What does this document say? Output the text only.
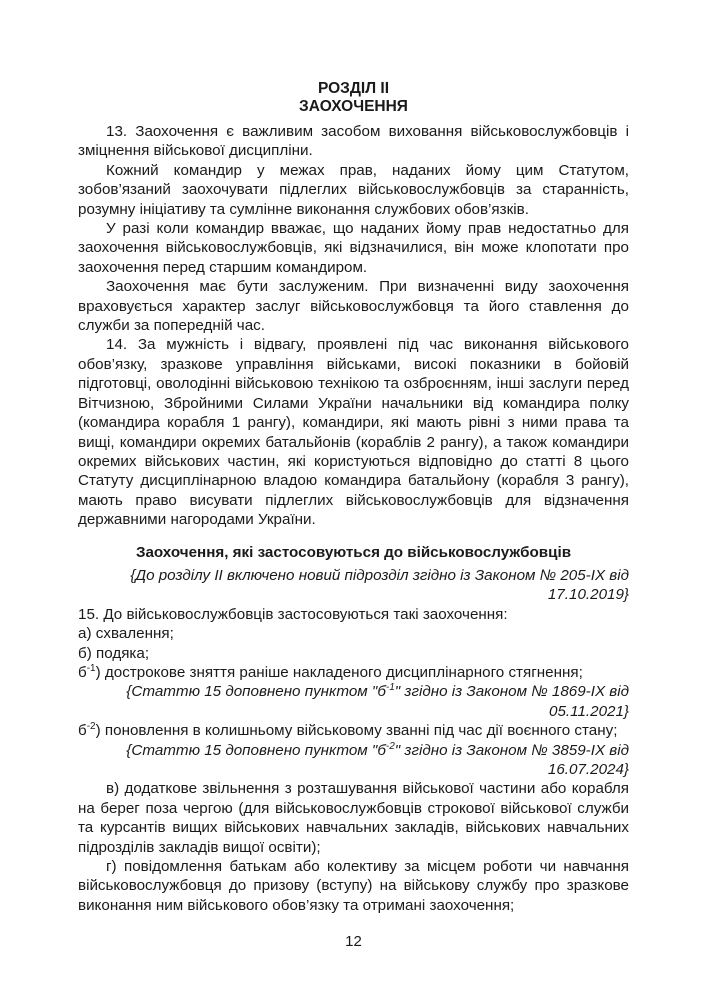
РОЗДІЛ ІІ

ЗАОХОЧЕННЯ

13. Заохочення є важливим засобом виховання військовослужбовців і зміцнення військової дисципліни.

Кожний командир у межах прав, наданих йому цим Статутом, зобов’язаний заохочувати підлеглих військовослужбовців за старанність, розумну ініціативу та сумлінне виконання службових обов’язків.

У разі коли командир вважає, що наданих йому прав недостатньо для заохочення військовослужбовців, які відзначилися, він може клопотати про заохочення перед старшим командиром.

Заохочення має бути заслуженим. При визначенні виду заохочення враховується характер заслуг військовослужбовця та його ставлення до служби за попередній час.

14. За мужність і відвагу, проявлені під час виконання військового обов’язку, зразкове управління військами, високі показники в бойовій підготовці, оволодінні військовою технікою та озброєнням, інші заслуги перед Вітчизною, Збройними Силами України начальники від командира полку (командира корабля 1 рангу), командири, які мають рівні з ними права та вищі, командири окремих батальйонів (кораблів 2 рангу), а також командири окремих військових частин, які користуються відповідно до статті 8 цього Статуту дисциплінарною владою командира батальйону (корабля 3 рангу), мають право висувати підлеглих військовослужбовців для відзначення державними нагородами України.

Заохочення, які застосовуються до військовослужбовців

{До розділу II включено новий підрозділ згідно із Законом № 205-IX від
17.10.2019}

15. До військовослужбовців застосовуються такі заохочення:

а) схвалення;

б) подяка;

$б^{-1}$) дострокове зняття раніше накладеного дисциплінарного стягнення;

{Статтю 15 доповнено пунктом "$б^{-1}$" згідно із Законом № 1869-IX від
05.11.2021}

$б^{-2}$) поновлення в колишньому військовому званні під час дії воєнного стану;

{Статтю 15 доповнено пунктом "$б^{-2}$" згідно із Законом № 3859-IX від
16.07.2024}

в) додаткове звільнення з розташування військової частини або корабля на берег поза чергою (для військовослужбовців строкової військової служби та курсантів вищих військових навчальних закладів, військових навчальних підрозділів закладів вищої освіти);

г) повідомлення батькам або колективу за місцем роботи чи навчання військовослужбовця до призову (вступу) на військову службу про зразкове виконання ним військового обов’язку та отримані заохочення;

12
